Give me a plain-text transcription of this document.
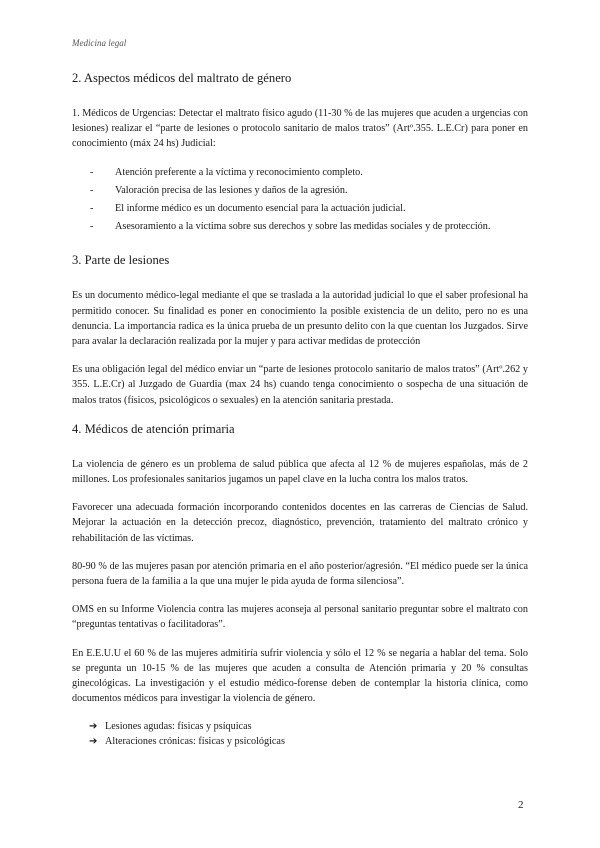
Medicina legal
2. Aspectos médicos del maltrato de género

1. Médicos de Urgencias: Detectar el maltrato físico agudo (11-30 % de las mujeres que acuden a urgencias con lesiones) realizar el “parte de lesiones o protocolo sanitario de malos tratos” (Artº.355. L.E.Cr) para poner en conocimiento (máx 24 hs) Judicial:

- Atención preferente a la víctima y reconocimiento completo.
- Valoración precisa de las lesiones y daños de la agresión.
- El informe médico es un documento esencial para la actuación judicial.
- Asesoramiento a la víctima sobre sus derechos y sobre las medidas sociales y de protección.
3. Parte de lesiones

Es un documento médico-legal mediante el que se traslada a la autoridad judicial lo que el saber profesional ha permitido conocer. Su finalidad es poner en conocimiento la posible existencia de un delito, pero no es una denuncia. La importancia radica es la única prueba de un presunto delito con la que cuentan los Juzgados. Sirve para avalar la declaración realizada por la mujer y para activar medidas de protección

Es una obligación legal del médico enviar un “parte de lesiones protocolo sanitario de malos tratos” (Artº.262 y 355. L.E.Cr) al Juzgado de Guardia (max 24 hs) cuando tenga conocimiento o sospecha de una situación de malos tratos (físicos, psicológicos o sexuales) en la atención sanitaria prestada.

4. Médicos de atención primaria

La violencia de género es un problema de salud pública que afecta al 12 % de mujeres españolas, más de 2 millones. Los profesionales sanitarios jugamos un papel clave en la lucha contra los malos tratos.

Favorecer una adecuada formación incorporando contenidos docentes en las carreras de Ciencias de Salud. Mejorar la actuación en la detección precoz, diagnóstico, prevención, tratamiento del maltrato crónico y rehabilitación de las víctimas.

80-90 % de las mujeres pasan por atención primaria en el año posterior/agresión. “El médico puede ser la única persona fuera de la familia a la que una mujer le pida ayuda de forma silenciosa”.

OMS en su Informe Violencia contra las mujeres aconseja al personal sanitario preguntar sobre el maltrato con “preguntas tentativas o facilitadoras”.

En E.E.U.U el 60 % de las mujeres admitiría sufrir violencia y sólo el 12 % se negaría a hablar del tema. Solo se pregunta un 10-15 % de las mujeres que acuden a consulta de Atención primaria y 20 % consultas ginecológicas. La investigación y el estudio médico-forense deben de contemplar la historia clínica, como documentos médicos para investigar la violencia de género.

➔ Lesiones agudas: físicas y psíquicas
➔ Alteraciones crónicas: físicas y psicológicas
2
